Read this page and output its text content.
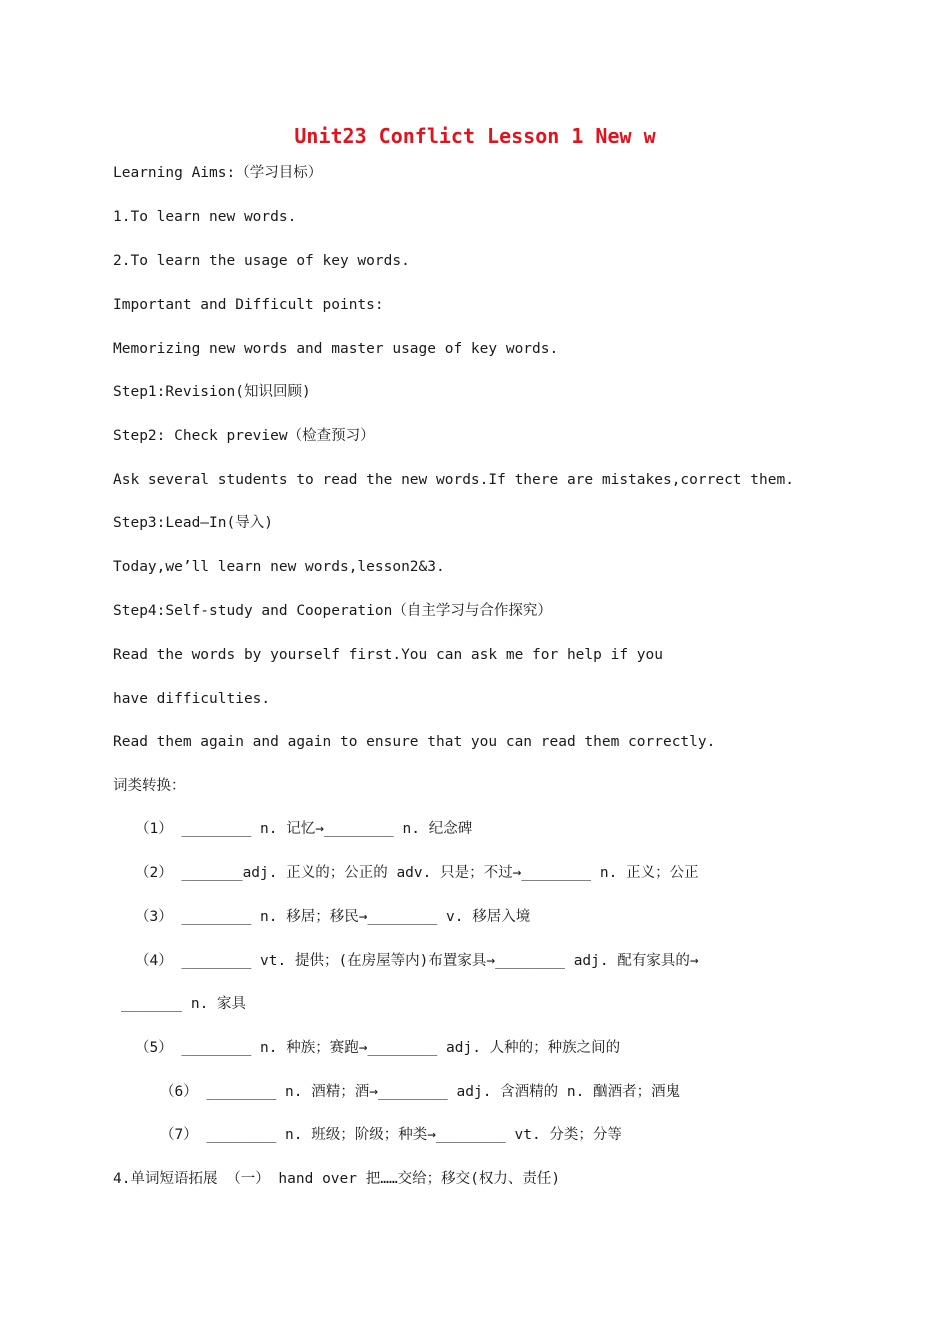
Unit23 Conflict Lesson 1 New w
Learning Aims:（学习目标）
1.To learn new words.
2.To learn the usage of key words.
Important and Difficult points:
Memorizing new words and master usage of key words.
Step1:Revision(知识回顾)
Step2: Check preview（检查预习）
Ask several students to read the new words.If there are mistakes,correct them.
Step3:Lead—In(导入)
Today,we’ll learn new words,lesson2&3.
Step4:Self-study and Cooperation（自主学习与合作探究）
Read the words by yourself first.You can ask me for help if you
have difficulties.
Read them again and again to ensure that you can read them correctly.
词类转换：
（1） ________ n. 记忆→________ n. 纪念碑
（2） _______adj. 正义的；公正的 adv. 只是；不过→________ n. 正义；公正
（3） ________ n. 移居；移民→________ v. 移居入境
（4） ________ vt. 提供；(在房屋等内)布置家具→________ adj. 配有家具的→
_______ n. 家具
（5） ________ n. 种族；赛跑→________ adj. 人种的；种族之间的
（6） ________ n. 酒精；酒→________ adj. 含酒精的 n. 酗酒者；酒鬼
（7） ________ n. 班级；阶级；种类→________ vt. 分类；分等
4.单词短语拓展 （一） hand over 把……交给；移交(权力、责任)
